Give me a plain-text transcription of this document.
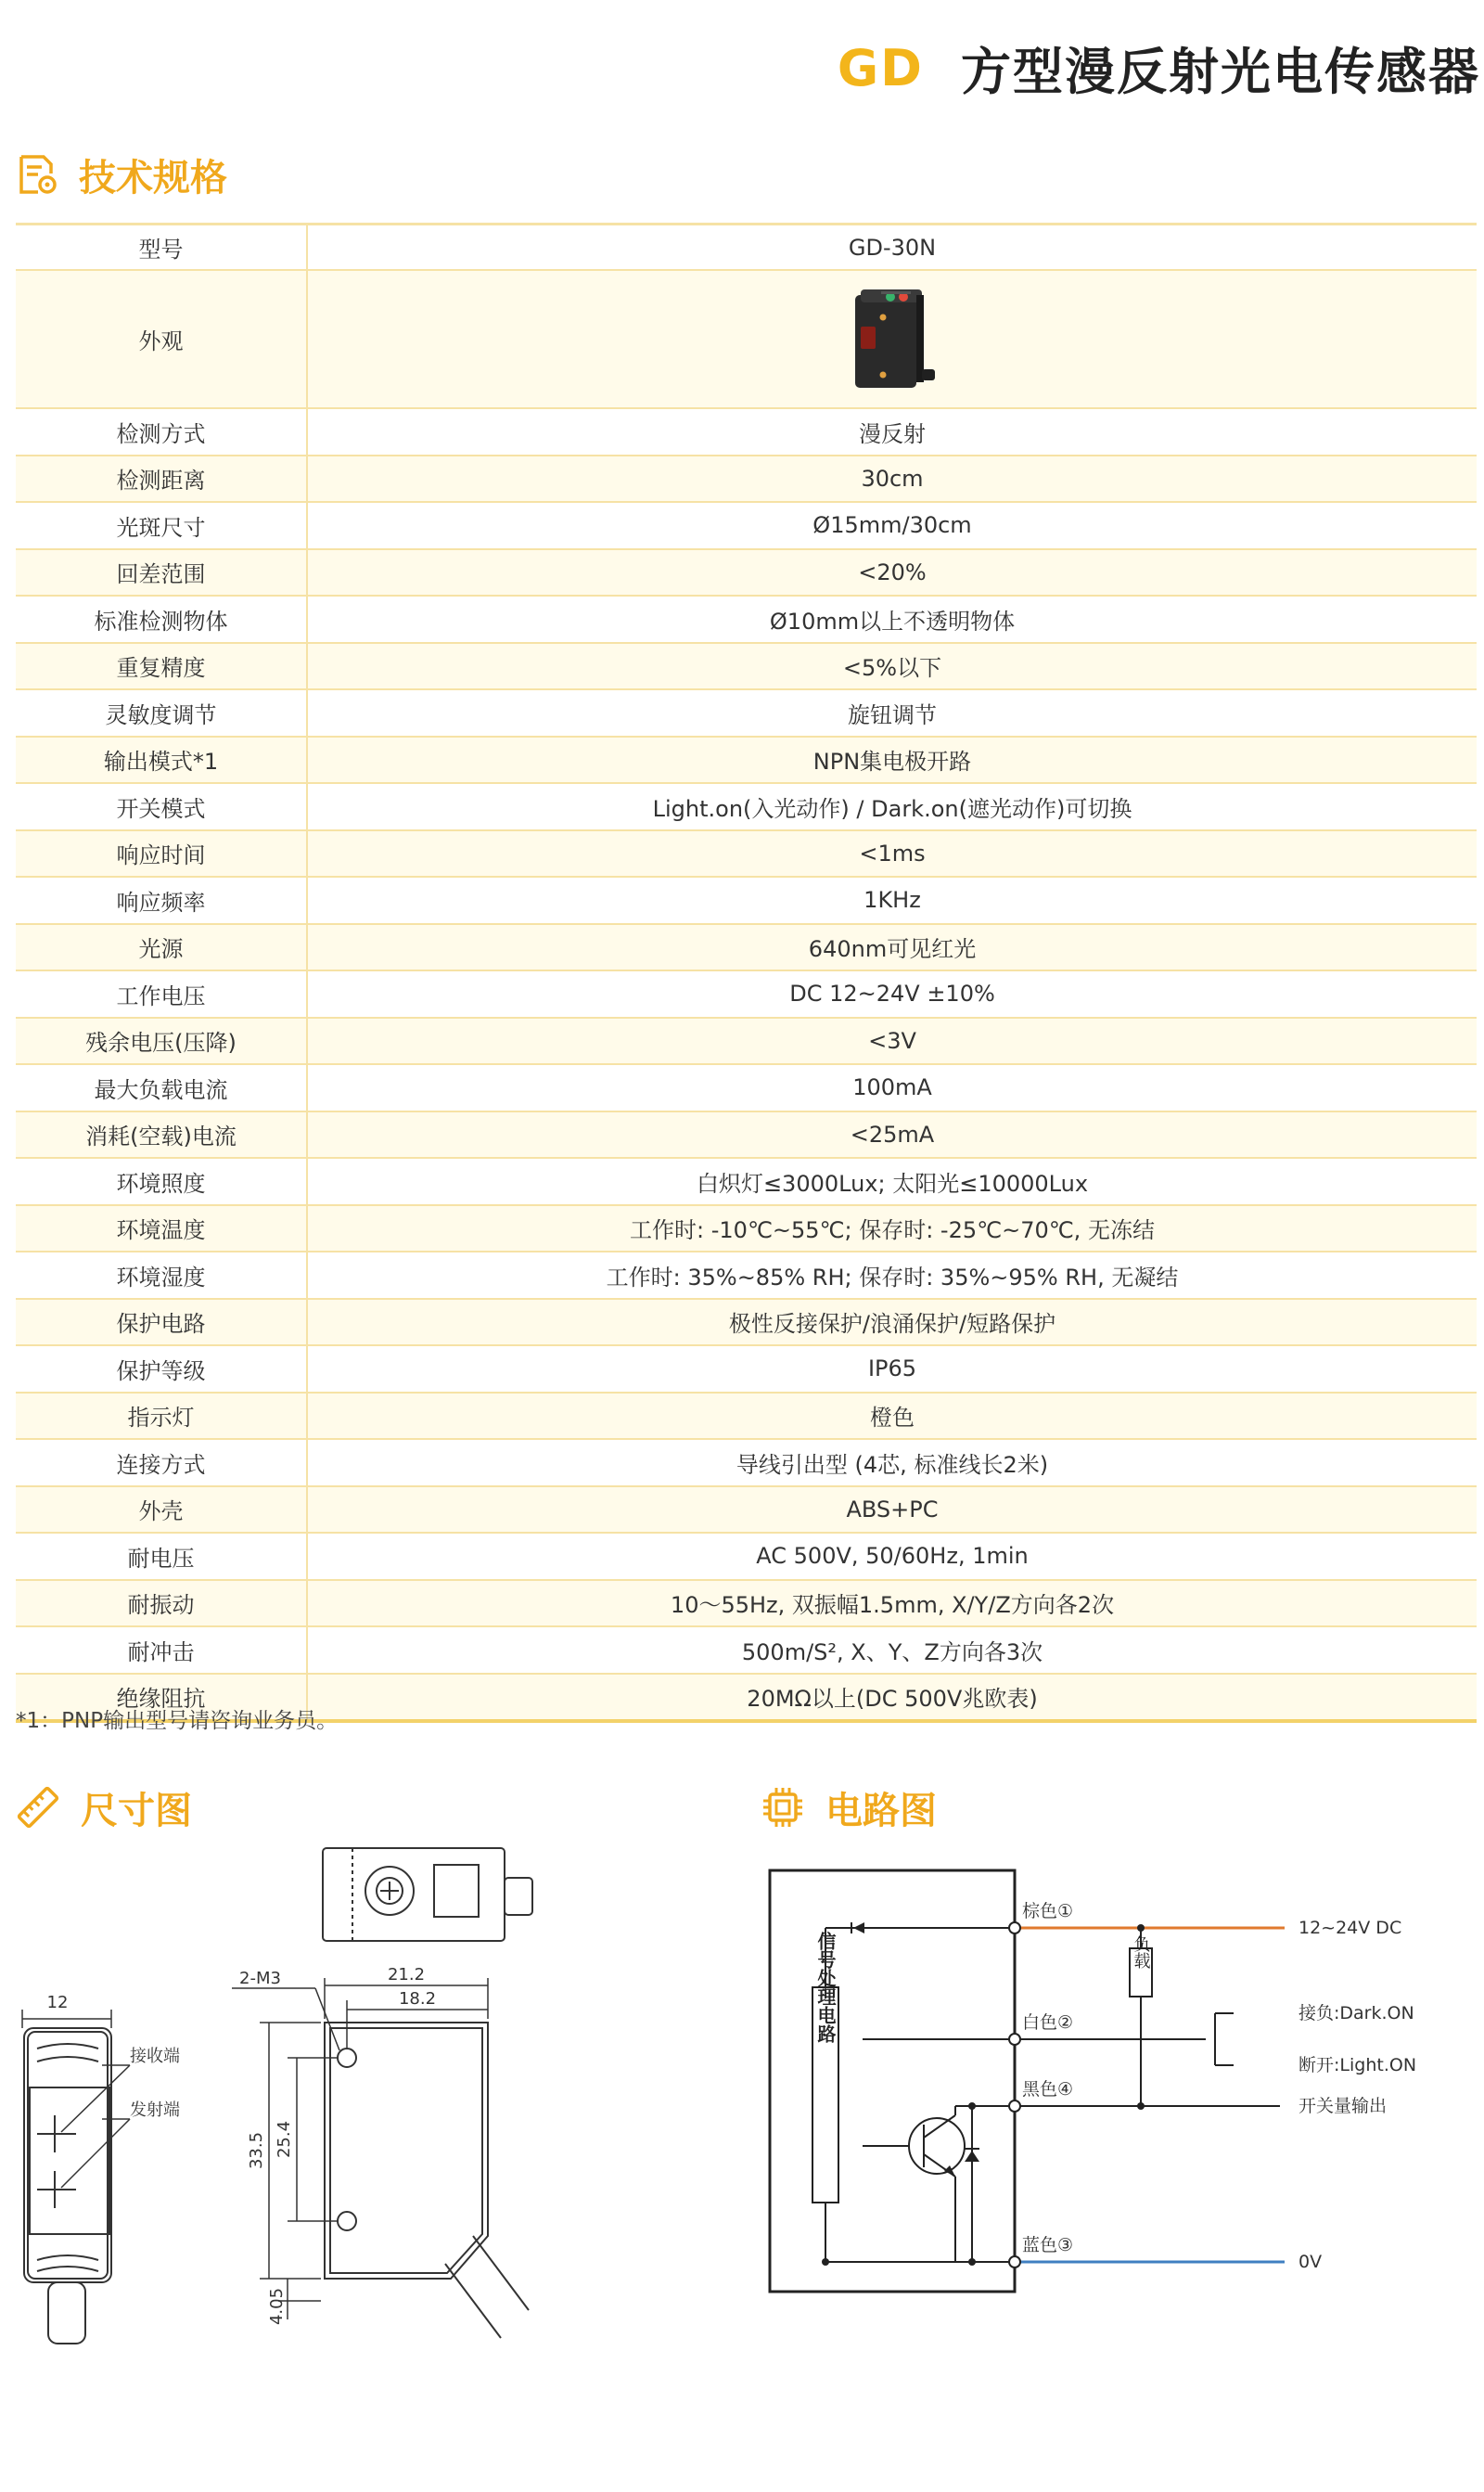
GD 方型漫反射光电传感器
技术规格
型号	GD-30N
外观	

检测方式	漫反射
检测距离	30cm
光斑尺寸	Ø15mm/30cm
回差范围	<20%
标准检测物体	Ø10mm以上不透明物体
重复精度	<5%以下
灵敏度调节	旋钮调节
输出模式*1	NPN集电极开路
开关模式	Light.on(入光动作) / Dark.on(遮光动作)可切换
响应时间	<1ms
响应频率	1KHz
光源	640nm可见红光
工作电压	DC 12~24V ±10%
残余电压(压降)	<3V
最大负载电流	100mA
消耗(空载)电流	<25mA
环境照度	白炽灯≤3000Lux; 太阳光≤10000Lux
环境温度	工作时: -10℃~55℃; 保存时: -25℃~70℃, 无冻结
环境湿度	工作时: 35%~85% RH; 保存时: 35%~95% RH, 无凝结
保护电路	极性反接保护/浪涌保护/短路保护
保护等级	IP65
指示灯	橙色
连接方式	导线引出型 (4芯, 标准线长2米)
外壳	ABS+PC
耐电压	AC 500V, 50/60Hz, 1min
耐振动	10～55Hz, 双振幅1.5mm, X/Y/Z方向各2次
耐冲击	500m/S², X、Y、Z方向各3次
绝缘阻抗	20MΩ以上(DC 500V兆欧表)
*1：PNP输出型号请咨询业务员。
尺寸图	电路图
12
接收端
发射端
2-M3	21.2
18.2
33.5 25.4
4.05
棕色①
白色②
黑色④
蓝色③
信号处理电路	负载
12~24V DC
接负:Dark.ON
断开:Light.ON
开关量输出
0V
